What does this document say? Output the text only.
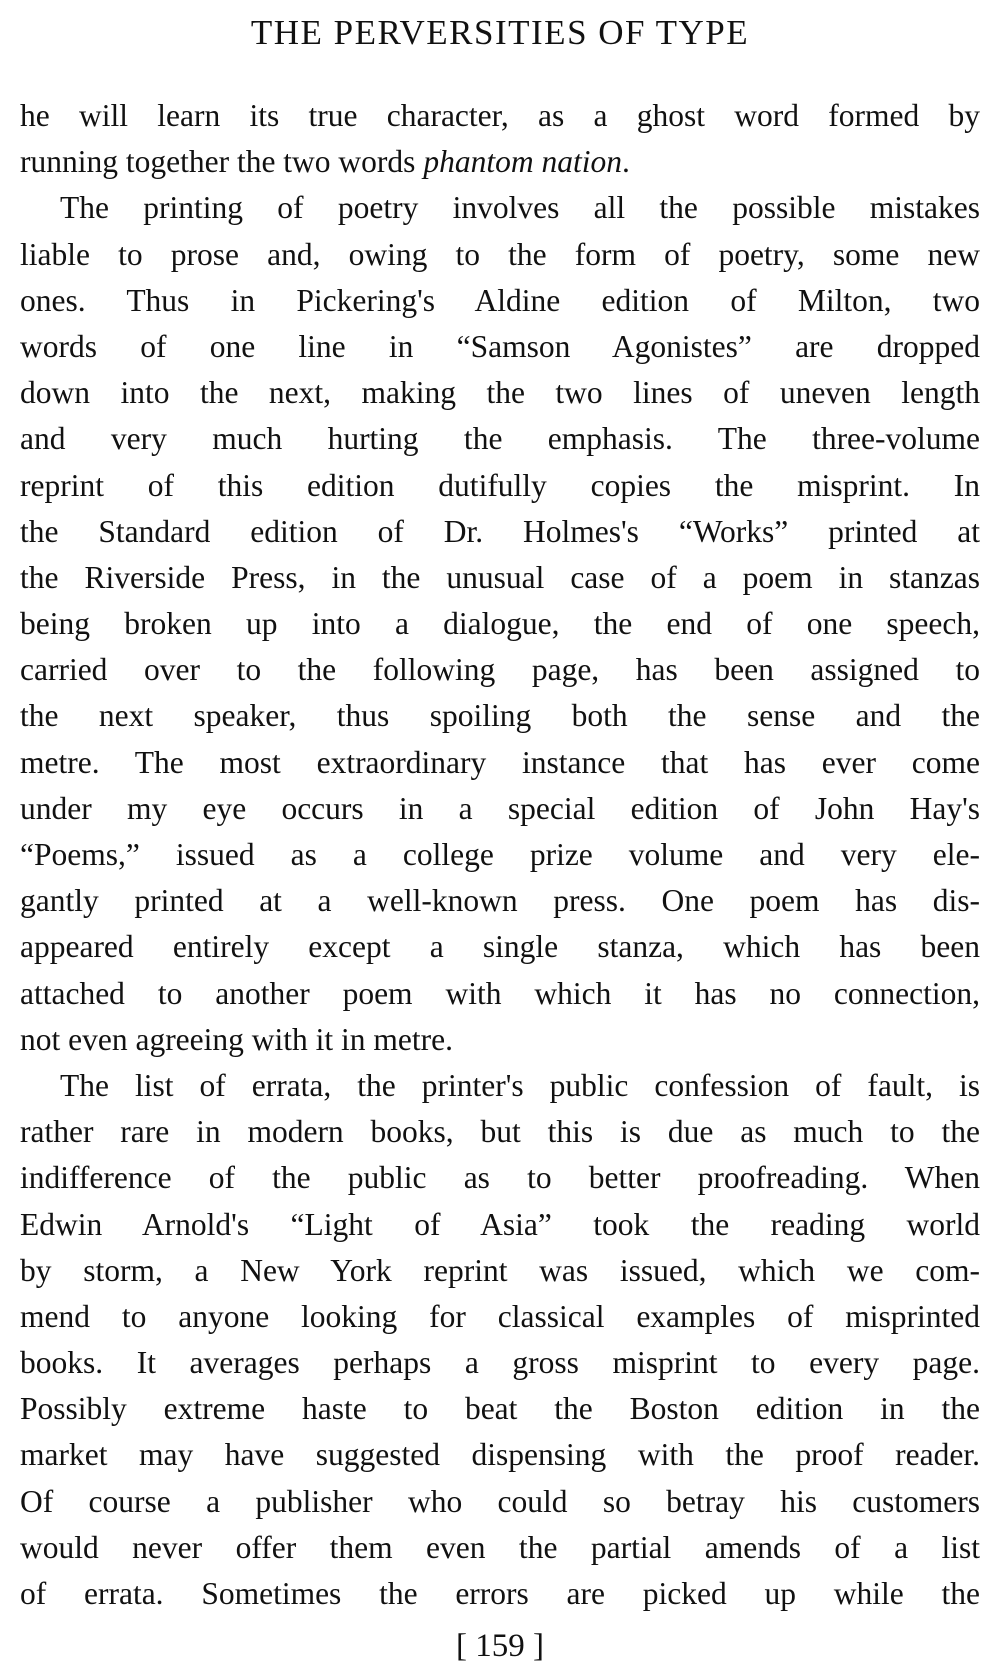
THE PERVERSITIES OF TYPE
he will learn its true character, as a ghost word formed by
running together the two words phantom nation.
The printing of poetry involves all the possible mistakes
liable to prose and, owing to the form of poetry, some new
ones. Thus in Pickering's Aldine edition of Milton, two
words of one line in “Samson Agonistes” are dropped
down into the next, making the two lines of uneven length
and very much hurting the emphasis. The three-volume
reprint of this edition dutifully copies the misprint. In
the Standard edition of Dr. Holmes's “Works” printed at
the Riverside Press, in the unusual case of a poem in stanzas
being broken up into a dialogue, the end of one speech,
carried over to the following page, has been assigned to
the next speaker, thus spoiling both the sense and the
metre. The most extraordinary instance that has ever come
under my eye occurs in a special edition of John Hay's
“Poems,” issued as a college prize volume and very ele-
gantly printed at a well-known press. One poem has dis-
appeared entirely except a single stanza, which has been
attached to another poem with which it has no connection,
not even agreeing with it in metre.
The list of errata, the printer's public confession of fault, is
rather rare in modern books, but this is due as much to the
indifference of the public as to better proofreading. When
Edwin Arnold's “Light of Asia” took the reading world
by storm, a New York reprint was issued, which we com-
mend to anyone looking for classical examples of misprinted
books. It averages perhaps a gross misprint to every page.
Possibly extreme haste to beat the Boston edition in the
market may have suggested dispensing with the proof reader.
Of course a publisher who could so betray his customers
would never offer them even the partial amends of a list
of errata. Sometimes the errors are picked up while the
[ 159 ]
